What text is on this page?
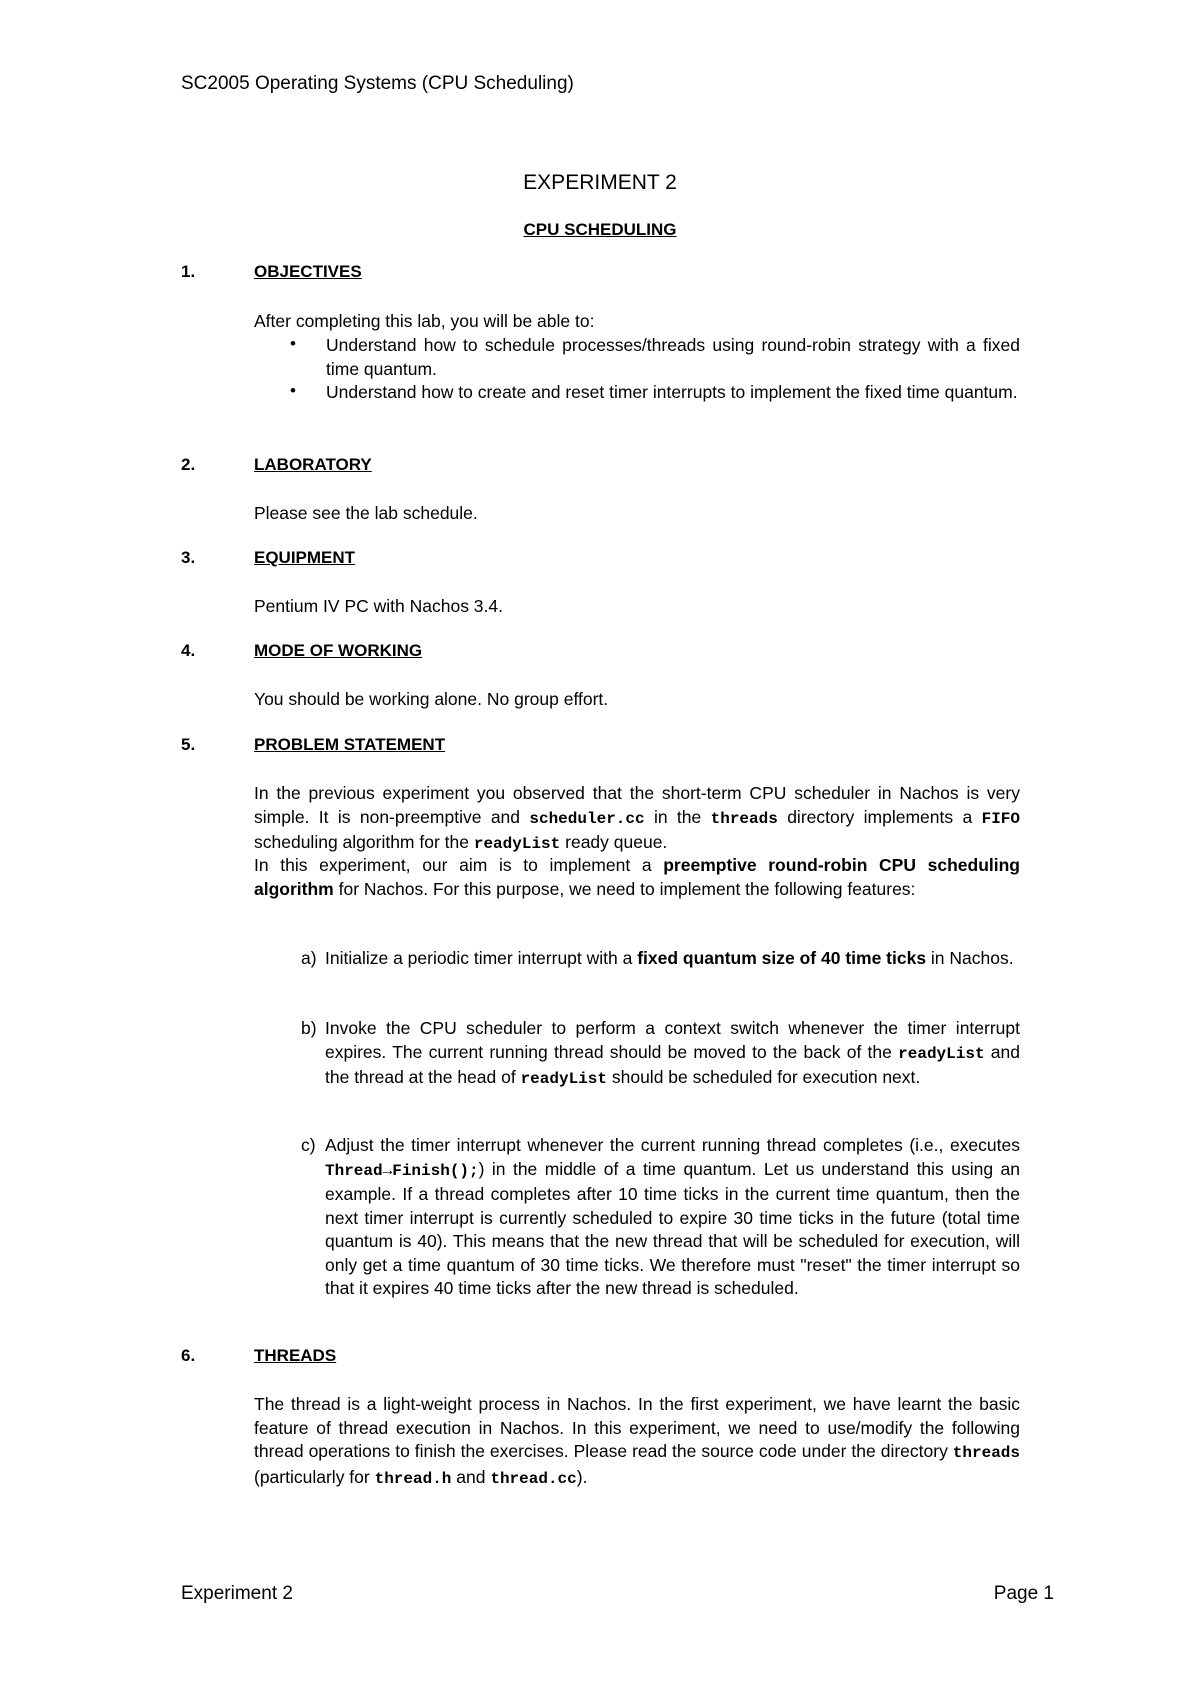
SC2005 Operating Systems (CPU Scheduling)
EXPERIMENT 2
CPU SCHEDULING
1.	OBJECTIVES
After completing this lab, you will be able to:
• Understand how to schedule processes/threads using round-robin strategy with a fixed time quantum.
• Understand how to create and reset timer interrupts to implement the fixed time quantum.
2.	LABORATORY
Please see the lab schedule.
3.	EQUIPMENT
Pentium IV PC with Nachos 3.4.
4.	MODE OF WORKING
You should be working alone. No group effort.
5.	PROBLEM STATEMENT
In the previous experiment you observed that the short-term CPU scheduler in Nachos is very simple. It is non-preemptive and scheduler.cc in the threads directory implements a FIFO scheduling algorithm for the readyList ready queue.
In this experiment, our aim is to implement a preemptive round-robin CPU scheduling algorithm for Nachos. For this purpose, we need to implement the following features:
a) Initialize a periodic timer interrupt with a fixed quantum size of 40 time ticks in Nachos.
b) Invoke the CPU scheduler to perform a context switch whenever the timer interrupt expires. The current running thread should be moved to the back of the readyList and the thread at the head of readyList should be scheduled for execution next.
c) Adjust the timer interrupt whenever the current running thread completes (i.e., executes Thread→Finish();) in the middle of a time quantum. Let us understand this using an example. If a thread completes after 10 time ticks in the current time quantum, then the next timer interrupt is currently scheduled to expire 30 time ticks in the future (total time quantum is 40). This means that the new thread that will be scheduled for execution, will only get a time quantum of 30 time ticks. We therefore must "reset" the timer interrupt so that it expires 40 time ticks after the new thread is scheduled.
6.	THREADS
The thread is a light-weight process in Nachos. In the first experiment, we have learnt the basic feature of thread execution in Nachos. In this experiment, we need to use/modify the following thread operations to finish the exercises. Please read the source code under the directory threads (particularly for thread.h and thread.cc).
Experiment 2	Page 1
